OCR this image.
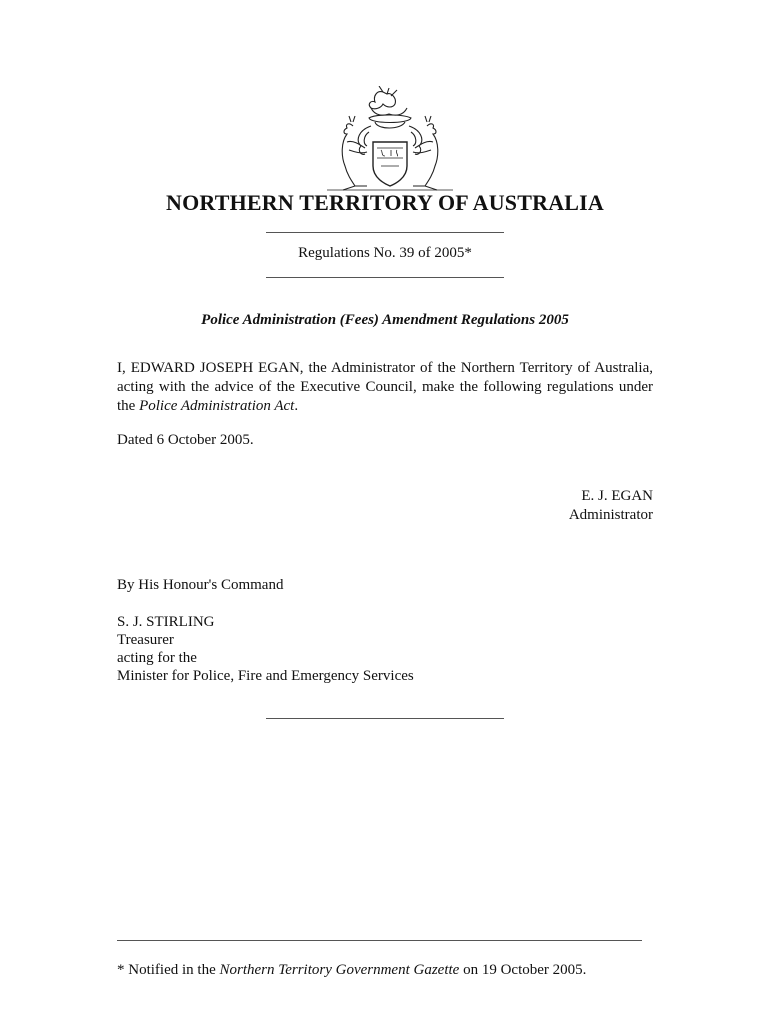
NORTHERN TERRITORY OF AUSTRALIA
Regulations No. 39 of 2005*
Police Administration (Fees) Amendment Regulations 2005
I, EDWARD JOSEPH EGAN, the Administrator of the Northern Territory of Australia, acting with the advice of the Executive Council, make the following regulations under the Police Administration Act.
Dated 6 October 2005.
E. J. EGAN
Administrator
By His Honour's Command
S. J. STIRLING
Treasurer
acting for the
Minister for Police, Fire and Emergency Services
* Notified in the Northern Territory Government Gazette on 19 October 2005.
